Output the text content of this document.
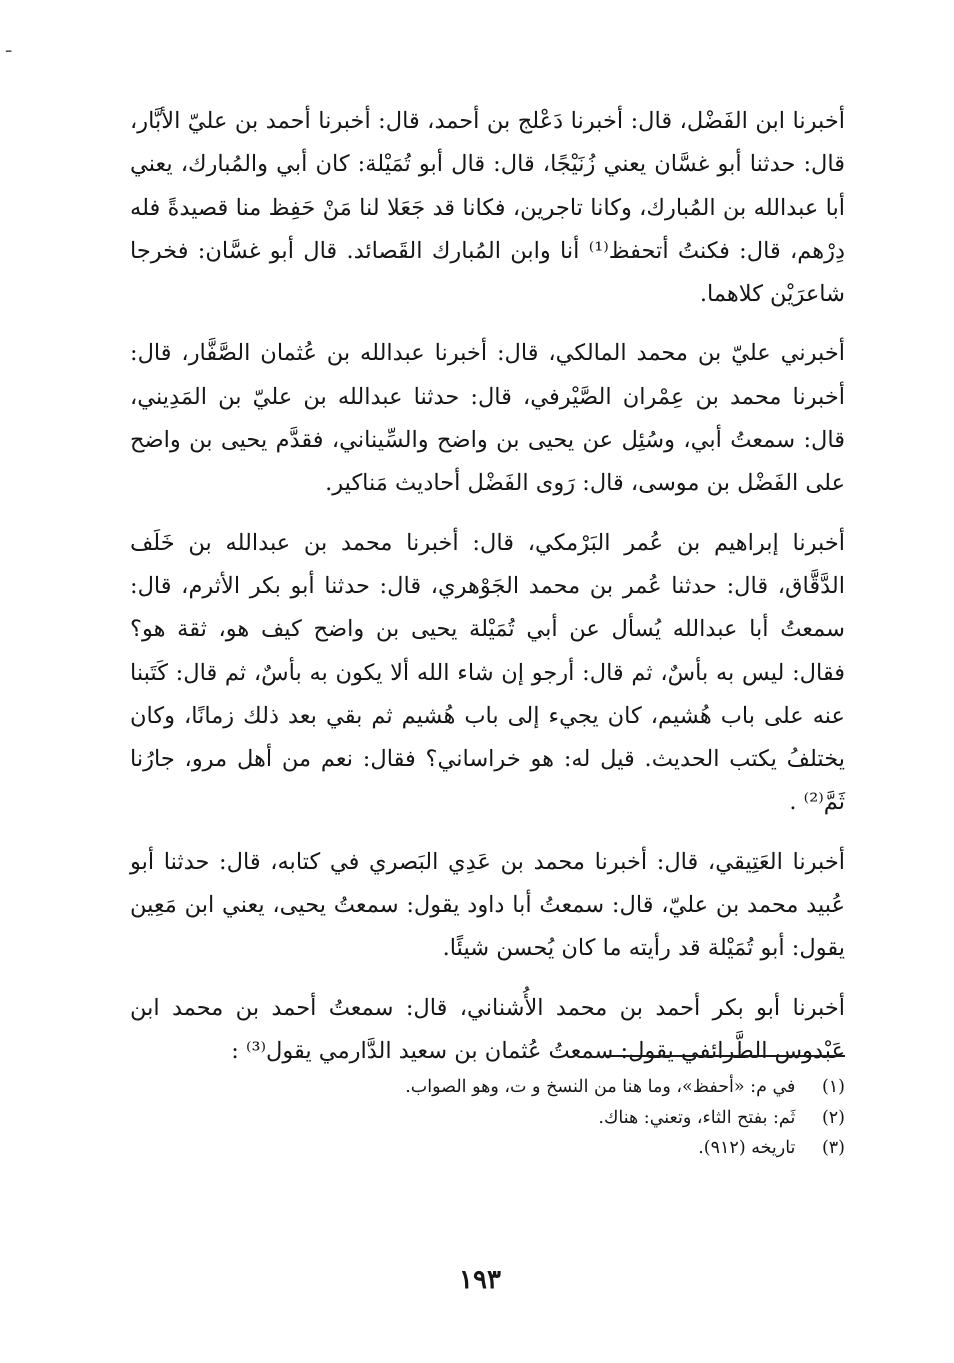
ـ

أخبرنا ابن الفَضْل، قال: أخبرنا دَعْلج بن أحمد، قال: أخبرنا أحمد بن عليّ الأبَّار، قال: حدثنا أبو غسَّان يعني زُنَيْجًا، قال: قال أبو تُمَيْلة: كان أبي والمُبارك، يعني أبا عبدالله بن المُبارك، وكانا تاجرين، فكانا قد جَعَلا لنا مَنْ حَفِظ منا قصيدةً فله دِرْهم، قال: فكنتُ أتحفظ⁽¹⁾ أنا وابن المُبارك القَصائد. قال أبو غسَّان: فخرجا شاعرَيْن كلاهما.

أخبرني عليّ بن محمد المالكي، قال: أخبرنا عبدالله بن عُثمان الصَّفَّار، قال: أخبرنا محمد بن عِمْران الصَّيْرفي، قال: حدثنا عبدالله بن عليّ بن المَدِيني، قال: سمعتُ أبي، وسُئِل عن يحيى بن واضح والسِّيناني، فقدَّم يحيى بن واضح على الفَضْل بن موسى، قال: رَوى الفَضْل أحاديث مَناكير.

أخبرنا إبراهيم بن عُمر البَرْمكي، قال: أخبرنا محمد بن عبدالله بن خَلَف الدَّقَّاق، قال: حدثنا عُمر بن محمد الجَوْهري، قال: حدثنا أبو بكر الأثرم، قال: سمعتُ أبا عبدالله يُسأل عن أبي تُمَيْلة يحيى بن واضح كيف هو، ثقة هو؟ فقال: ليس به بأسٌ، ثم قال: أرجو إن شاء الله ألا يكون به بأسٌ، ثم قال: كَتَبنا عنه على باب هُشيم، كان يجيء إلى باب هُشيم ثم بقي بعد ذلك زمانًا، وكان يختلفُ يكتب الحديث. قيل له: هو خراساني؟ فقال: نعم من أهل مرو، جارُنا ثَمَّ⁽²⁾ .

أخبرنا العَتِيقي، قال: أخبرنا محمد بن عَدِي البَصري في كتابه، قال: حدثنا أبو عُبيد محمد بن عليّ، قال: سمعتُ أبا داود يقول: سمعتُ يحيى، يعني ابن مَعِين يقول: أبو تُمَيْلة قد رأيته ما كان يُحسن شيئًا.

أخبرنا أبو بكر أحمد بن محمد الأُشناني، قال: سمعتُ أحمد بن محمد ابن عَبْدوس الطَّرائفي يقول: سمعتُ عُثمان بن سعيد الدَّارمي يقول⁽³⁾ :

(١) في م: «أحفظ»، وما هنا من النسخ و ت، وهو الصواب.
(٢) ثَم: بفتح الثاء، وتعني: هناك.
(٣) تاريخه (٩١٢).
١٩٣
